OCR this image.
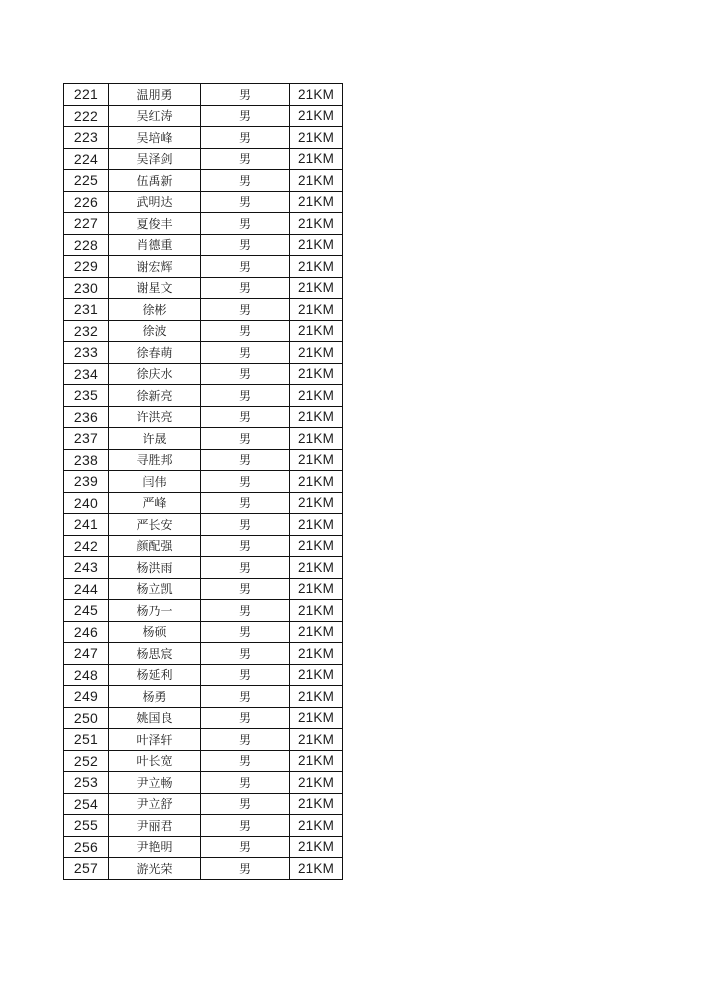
221	温朋勇	男	21KM
222	吴红涛	男	21KM
223	吴培峰	男	21KM
224	吴泽剑	男	21KM
225	伍禹新	男	21KM
226	武明达	男	21KM
227	夏俊丰	男	21KM
228	肖德重	男	21KM
229	谢宏辉	男	21KM
230	谢星文	男	21KM
231	徐彬	男	21KM
232	徐波	男	21KM
233	徐春萌	男	21KM
234	徐庆水	男	21KM
235	徐新亮	男	21KM
236	许洪亮	男	21KM
237	许晟	男	21KM
238	寻胜邦	男	21KM
239	闫伟	男	21KM
240	严峰	男	21KM
241	严长安	男	21KM
242	颜配强	男	21KM
243	杨洪雨	男	21KM
244	杨立凯	男	21KM
245	杨乃一	男	21KM
246	杨硕	男	21KM
247	杨思宸	男	21KM
248	杨延利	男	21KM
249	杨勇	男	21KM
250	姚国良	男	21KM
251	叶泽轩	男	21KM
252	叶长宽	男	21KM
253	尹立畅	男	21KM
254	尹立舒	男	21KM
255	尹丽君	男	21KM
256	尹艳明	男	21KM
257	游光荣	男	21KM
